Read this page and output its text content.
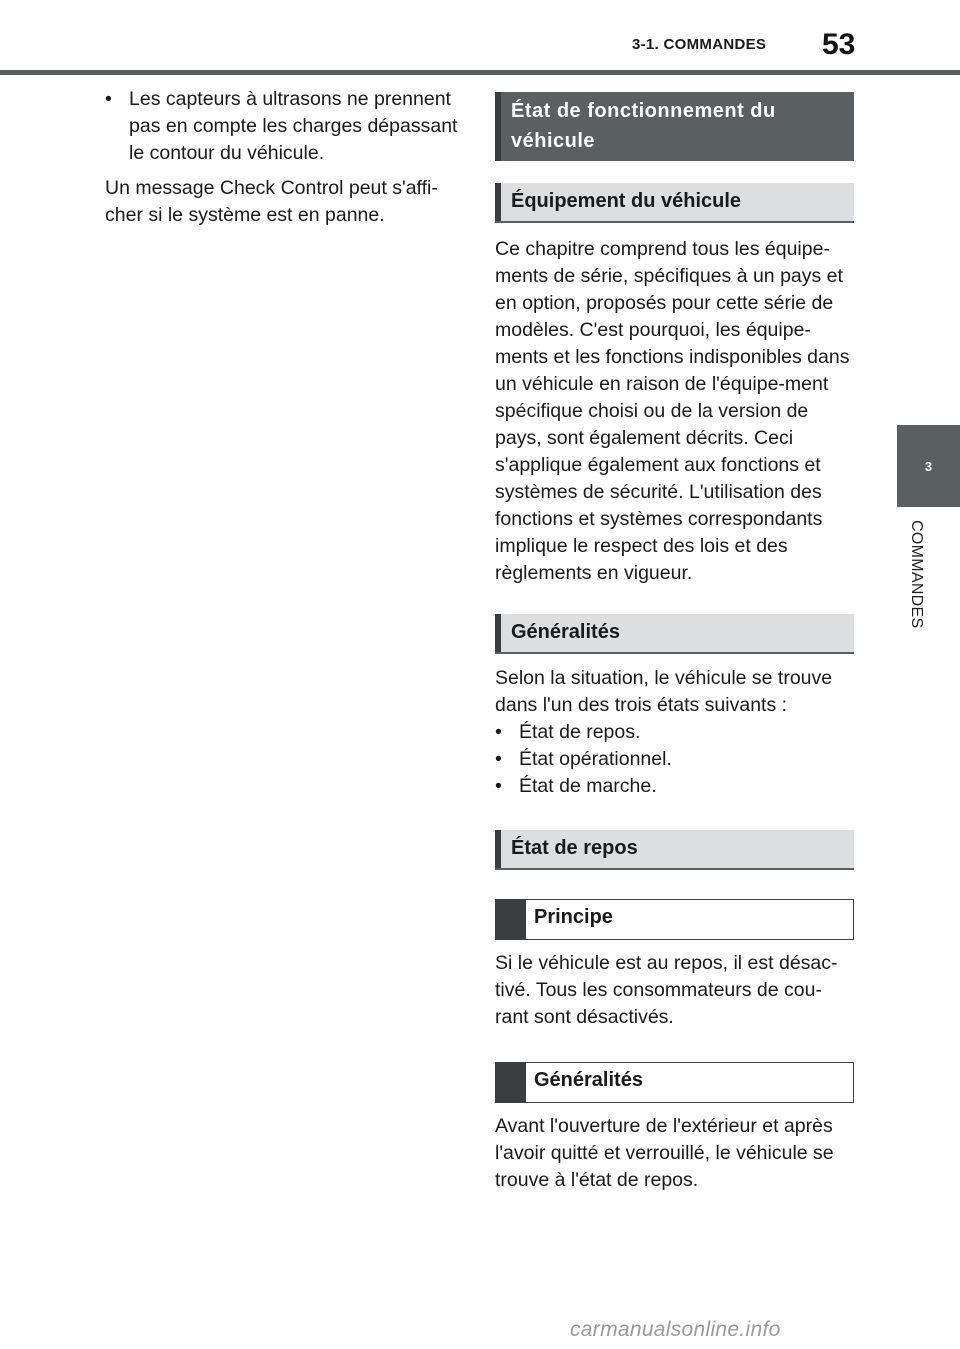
3-1. COMMANDES 53
3
COMMANDES
• Les capteurs à ultrasons ne prennent pas en compte les charges dépassant le contour du véhicule.
Un message Check Control peut s'affi-cher si le système est en panne.
État de fonctionnement du véhicule
Équipement du véhicule
Ce chapitre comprend tous les équipe-ments de série, spécifiques à un pays et en option, proposés pour cette série de modèles. C'est pourquoi, les équipe-ments et les fonctions indisponibles dans un véhicule en raison de l'équipe-ment spécifique choisi ou de la version de pays, sont également décrits. Ceci s'applique également aux fonctions et systèmes de sécurité. L'utilisation des fonctions et systèmes correspondants implique le respect des lois et des règlements en vigueur.
Généralités
Selon la situation, le véhicule se trouve dans l'un des trois états suivants :
• État de repos.
• État opérationnel.
• État de marche.
État de repos
Principe
Si le véhicule est au repos, il est désac-tivé. Tous les consommateurs de cou-rant sont désactivés.
Généralités
Avant l'ouverture de l'extérieur et après l'avoir quitté et verrouillé, le véhicule se trouve à l'état de repos.
carmanualsonline.info
